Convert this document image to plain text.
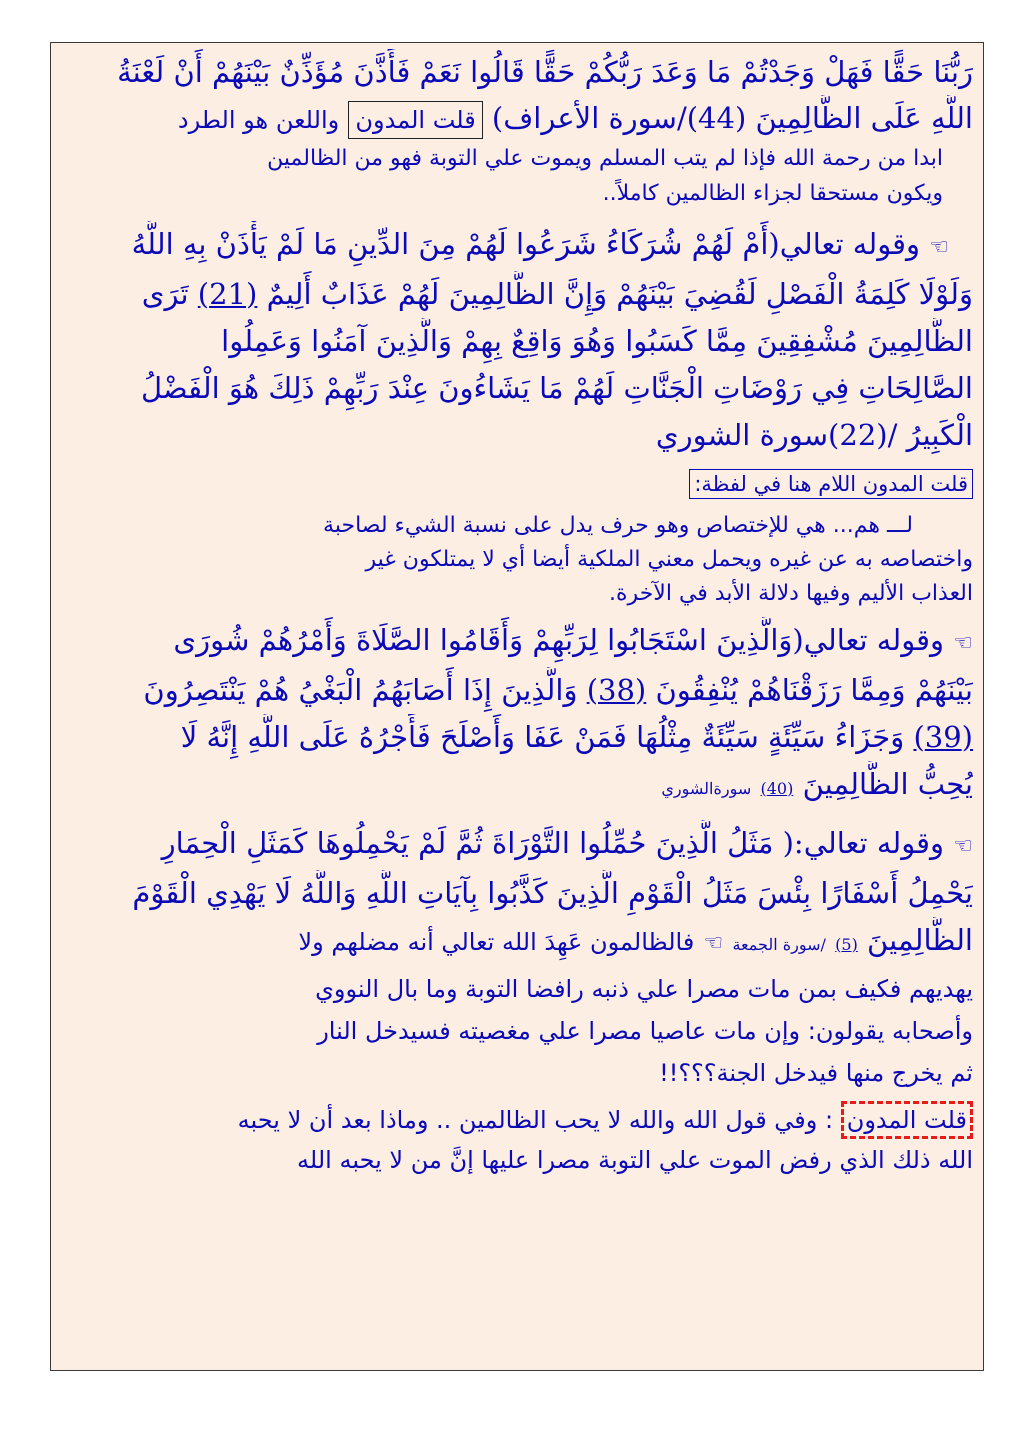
رَبُّنَا حَقًّا فَهَلْ وَجَدْتُمْ مَا وَعَدَ رَبُّكُمْ حَقًّا قَالُوا نَعَمْ فَأَذَّنَ مُؤَذِّنٌ بَيْنَهُمْ أَنْ لَعْنَةُ
اللَّهِ عَلَى الظَّالِمِينَ (44)/سورة الأعراف) قلت المدون واللعن هو الطرد
ابدا من رحمة الله فإذا لم يتب المسلم ويموت علي التوبة فهو من الظالمين
ويكون مستحقا لجزاء الظالمين كاملاً..
☜ وقوله تعالي(أَمْ لَهُمْ شُرَكَاءُ شَرَعُوا لَهُمْ مِنَ الدِّينِ مَا لَمْ يَأْذَنْ بِهِ اللَّهُ
وَلَوْلَا كَلِمَةُ الْفَصْلِ لَقُضِيَ بَيْنَهُمْ وَإِنَّ الظَّالِمِينَ لَهُمْ عَذَابٌ أَلِيمٌ (21) تَرَى
الظَّالِمِينَ مُشْفِقِينَ مِمَّا كَسَبُوا وَهُوَ وَاقِعٌ بِهِمْ وَالَّذِينَ آمَنُوا وَعَمِلُوا
الصَّالِحَاتِ فِي رَوْضَاتِ الْجَنَّاتِ لَهُمْ مَا يَشَاءُونَ عِنْدَ رَبِّهِمْ ذَلِكَ هُوَ الْفَضْلُ
الْكَبِيرُ /(22)سورة الشوري
قلت المدون اللام هنا في لفظة:
لـــ هم... هي للإختصاص وهو حرف يدل على نسبة الشيء لصاحبة
واختصاصه به عن غيره ويحمل معني الملكية أيضا أي لا يمتلكون غير
العذاب الأليم وفيها دلالة الأبد في الآخرة.
☜ وقوله تعالي(وَالَّذِينَ اسْتَجَابُوا لِرَبِّهِمْ وَأَقَامُوا الصَّلَاةَ وَأَمْرُهُمْ شُورَى
بَيْنَهُمْ وَمِمَّا رَزَقْنَاهُمْ يُنْفِقُونَ (38) وَالَّذِينَ إِذَا أَصَابَهُمُ الْبَغْيُ هُمْ يَنْتَصِرُونَ
(39) وَجَزَاءُ سَيِّئَةٍ سَيِّئَةٌ مِثْلُهَا فَمَنْ عَفَا وَأَصْلَحَ فَأَجْرُهُ عَلَى اللَّهِ إِنَّهُ لَا
يُحِبُّ الظَّالِمِينَ (40) سورةالشوري
☜ وقوله تعالي:( مَثَلُ الَّذِينَ حُمِّلُوا التَّوْرَاةَ ثُمَّ لَمْ يَحْمِلُوهَا كَمَثَلِ الْحِمَارِ
يَحْمِلُ أَسْفَارًا بِئْسَ مَثَلُ الْقَوْمِ الَّذِينَ كَذَّبُوا بِآيَاتِ اللَّهِ وَاللَّهُ لَا يَهْدِي الْقَوْمَ
الظَّالِمِينَ (5) /سورة الجمعة ☜ فالظالمون عَهِدَ الله تعالي أنه مضلهم ولا
يهديهم فكيف بمن مات مصرا علي ذنبه رافضا التوبة وما بال النووي
وأصحابه يقولون: وإن مات عاصيا مصرا علي مغصيته فسيدخل النار
ثم يخرج منها فيدخل الجنة؟؟؟!!
قلت المدون : وفي قول الله والله لا يحب الظالمين .. وماذا بعد أن لا يحبه
الله ذلك الذي رفض الموت علي التوبة مصرا عليها إنَّ من لا يحبه الله
